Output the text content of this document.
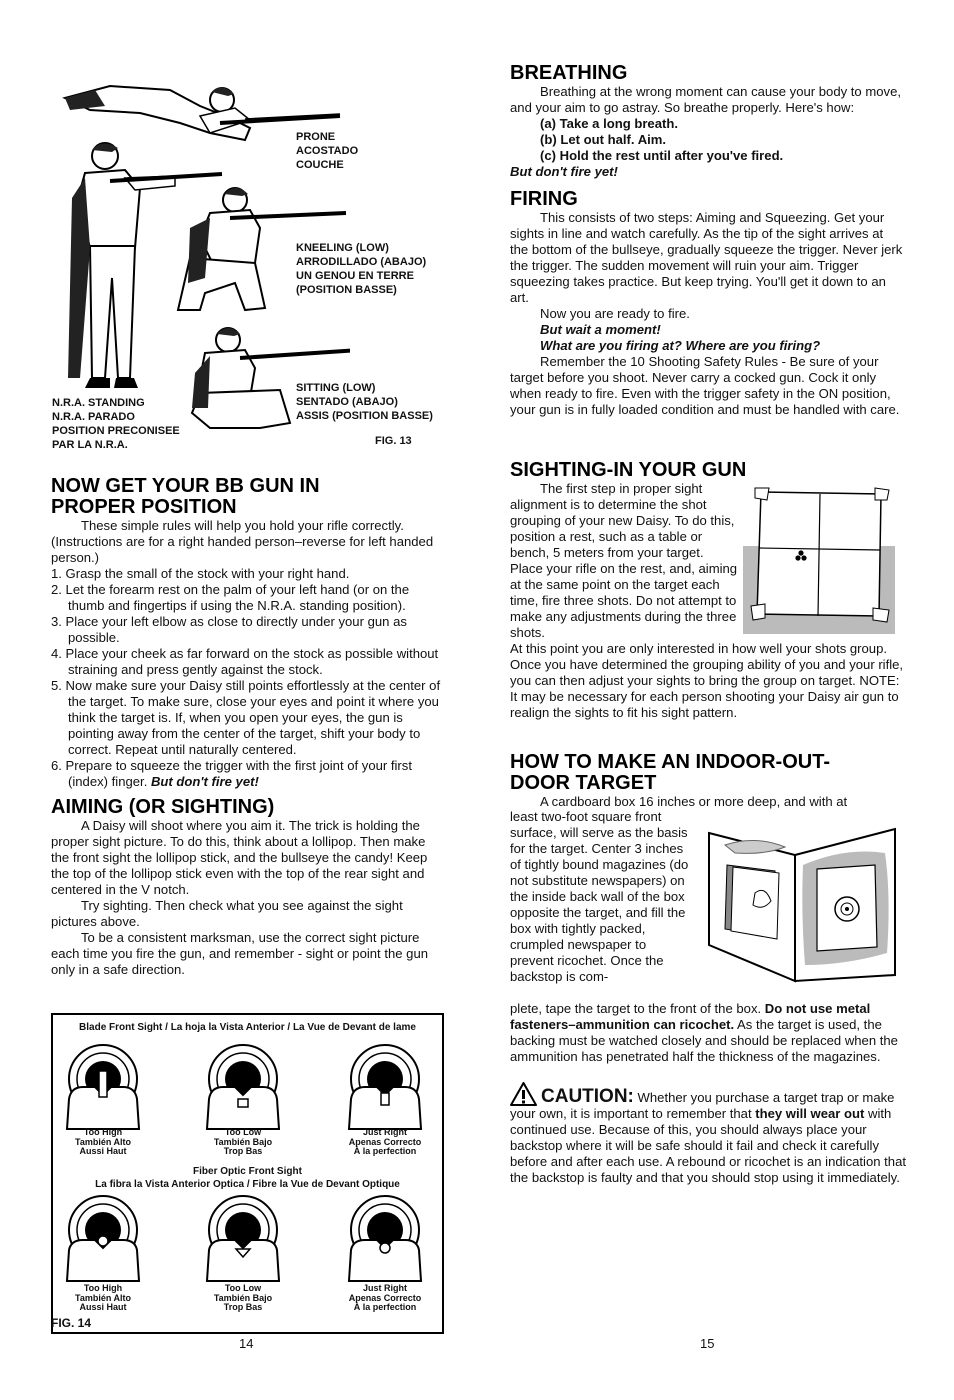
PRONE
ACOSTADO
COUCHE
KNEELING (LOW)
ARRODILLADO (ABAJO)
UN GENOU EN TERRE
(POSITION BASSE)
SITTING (LOW)
SENTADO (ABAJO)
ASSIS (POSITION BASSE)
N.R.A. STANDING
N.R.A. PARADO
POSITION PRECONISEE
PAR LA N.R.A.	FIG. 13
NOW GET YOUR BB GUN IN
PROPER POSITION

These simple rules will help you hold your rifle correctly. (Instructions are for a right handed person–reverse for left handed person.)

1. Grasp the small of the stock with your right hand.
2. Let the forearm rest on the palm of your left hand (or on the thumb and fingertips if using the N.R.A. standing position).
3. Place your left elbow as close to directly under your gun as possible.
4. Place your cheek as far forward on the stock as possible without straining and press gently against the stock.
5. Now make sure your Daisy still points effortlessly at the center of the target. To make sure, close your eyes and point it where you think the target is. If, when you open your eyes, the gun is pointing away from the center of the target, shift your body to correct. Repeat until naturally centered.
6. Prepare to squeeze the trigger with the first joint of your first (index) finger. But don't fire yet!
AIMING (OR SIGHTING)

A Daisy will shoot where you aim it. The trick is holding the proper sight picture. To do this, think about a lollipop. Then make the front sight the lollipop stick, and the bullseye the candy! Keep the top of the lollipop stick even with the top of the rear sight and centered in the V notch.

Try sighting. Then check what you see against the sight pictures above.

To be a consistent marksman, use the correct sight picture each time you fire the gun, and remember - sight or point the gun only in a safe direction.

Blade Front Sight / La hoja la Vista Anterior / La Vue de Devant de lame
Too High
También Alto
Aussi Haut
Too Low
También Bajo
Trop Bas
Just Right
Apenas Correcto
À la perfection
Fiber Optic Front Sight
La fibra la Vista Anterior Optica / Fibre la Vue de Devant Optique
Too High
También Alto
Aussi Haut
Too Low
También Bajo
Trop Bas
Just Right
Apenas Correcto
À la perfection
FIG. 14
14
BREATHING

Breathing at the wrong moment can cause your body to move, and your aim to go astray. So breathe properly. Here's how:

(a) Take a long breath.
(b) Let out half. Aim.
(c) Hold the rest until after you've fired.

But don't fire yet!

FIRING

This consists of two steps: Aiming and Squeezing. Get your sights in line and watch carefully. As the tip of the sight arrives at the bottom of the bullseye, gradually squeeze the trigger. Never jerk the trigger. The sudden movement will ruin your aim. Trigger squeezing takes practice. But keep trying. You'll get it down to an art.

Now you are ready to fire.

But wait a moment!

What are you firing at? Where are you firing?

Remember the 10 Shooting Safety Rules - Be sure of your target before you shoot. Never carry a cocked gun. Cock it only when ready to fire. Even with the trigger safety in the ON position, your gun is in fully loaded condition and must be handled with care.

SIGHTING-IN YOUR GUN

The first step in proper sight alignment is to determine the shot grouping of your new Daisy. To do this, position a rest, such as a table or bench, 5 meters from your target. Place your rifle on the rest, and, aiming at the same point on the target each time, fire three shots. Do not attempt to make any adjustments during the three shots.

At this point you are only interested in how well your shots group. Once you have determined the grouping ability of you and your rifle, you can then adjust your sights to bring the group on target. NOTE: It may be necessary for each person shooting your Daisy air gun to realign the sights to fit his sight pattern.

HOW TO MAKE AN INDOOR-OUT-
DOOR TARGET

A cardboard box 16 inches or more deep, and with at

least two-foot square front surface, will serve as the basis for the target. Center 3 inches of tightly bound magazines (do not substitute newspapers) on the inside back wall of the box opposite the target, and fill the box with tightly packed, crumpled newspaper to prevent ricochet. Once the backstop is com-

plete, tape the target to the front of the box. Do not use metal fasteners–ammunition can ricochet. As the target is used, the backing must be watched closely and should be replaced when the ammunition has penetrated half the thickness of the magazines.

CAUTION: Whether you purchase a target trap or make your own, it is important to remember that they will wear out with continued use. Because of this, you should always place your backstop where it will be safe should it fail and check it carefully before and after each use. A rebound or ricochet is an indication that the backstop is faulty and that you should stop using it immediately.

15
